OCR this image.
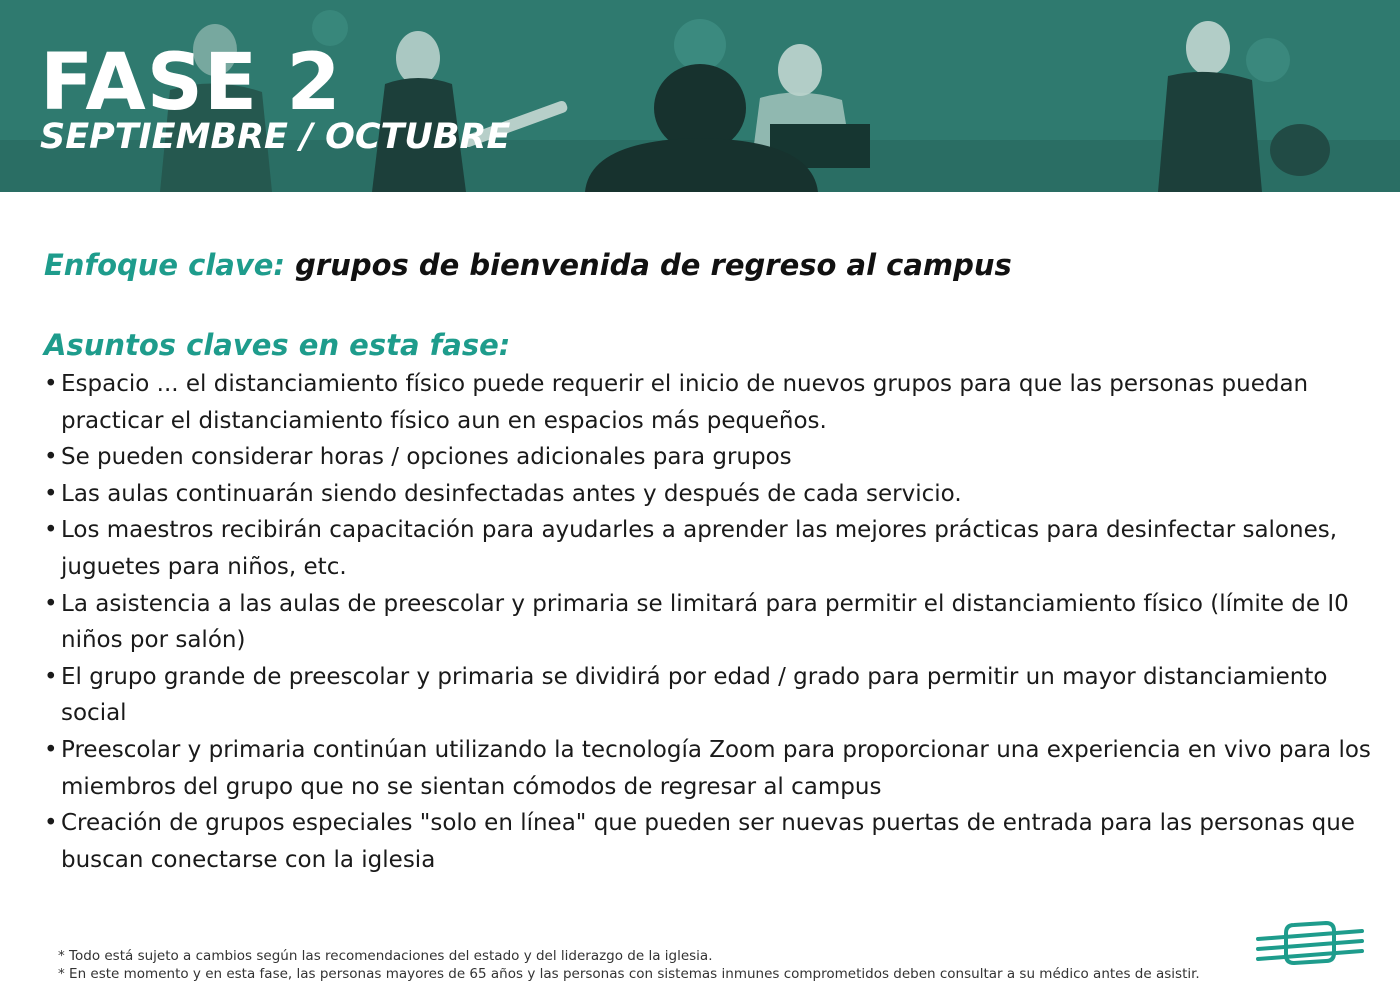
FASE 2
SEPTIEMBRE / OCTUBRE

Enfoque clave: grupos de bienvenida de regreso al campus

Asuntos claves en esta fase:
• Espacio ... el distanciamiento físico puede requerir el inicio de nuevos grupos para que las personas puedan practicar el distanciamiento físico aun en espacios más pequeños.
• Se pueden considerar horas / opciones adicionales para grupos
• Las aulas continuarán siendo desinfectadas antes y después de cada servicio.
• Los maestros recibirán capacitación para ayudarles a aprender las mejores prácticas para desinfectar salones, juguetes para niños, etc.
• La asistencia a las aulas de preescolar y primaria se limitará para permitir el distanciamiento físico (límite de I0 niños por salón)
• El grupo grande de preescolar y primaria se dividirá por edad / grado para permitir un mayor distanciamiento social
• Preescolar y primaria continúan utilizando la tecnología Zoom para proporcionar una experiencia en vivo para los miembros del grupo que no se sientan cómodos de regresar al campus
• Creación de grupos especiales "solo en línea" que pueden ser nuevas puertas de entrada para las personas que buscan conectarse con la iglesia

* Todo está sujeto a cambios según las recomendaciones del estado y del liderazgo de la iglesia.

* En este momento y en esta fase, las personas mayores de 65 años y las personas con sistemas inmunes comprometidos deben consultar a su médico antes de asistir.
